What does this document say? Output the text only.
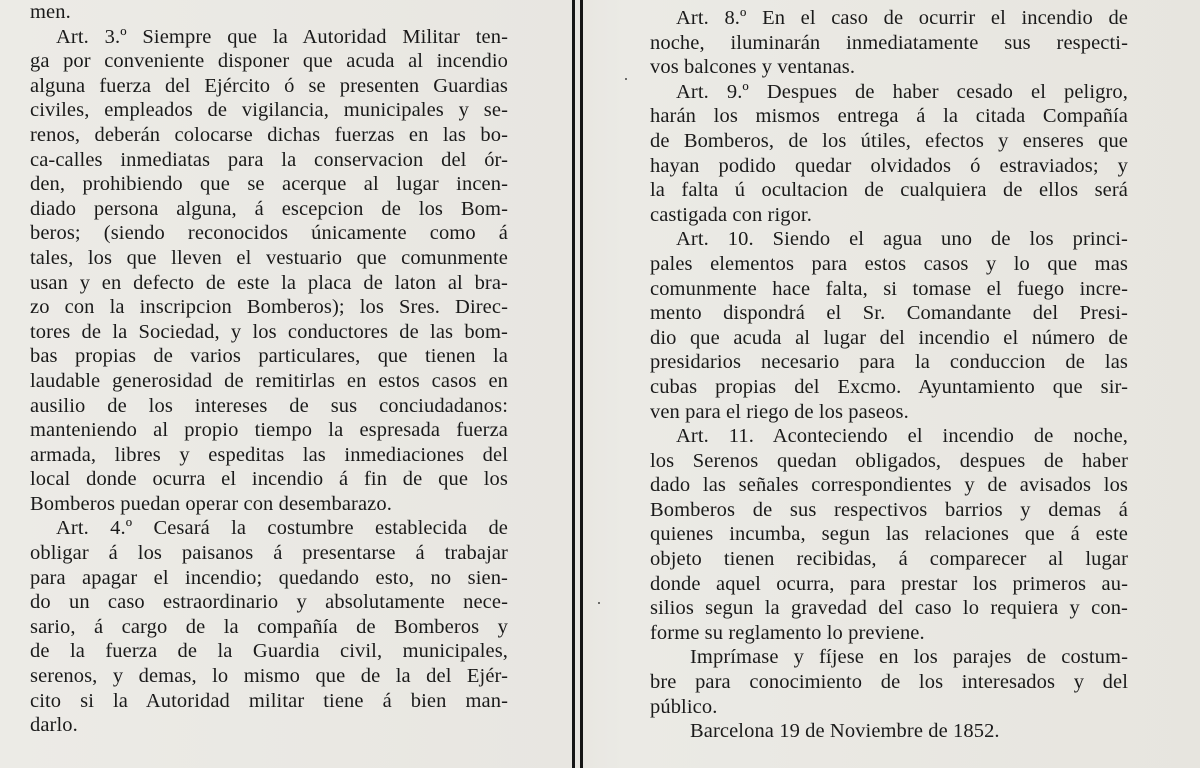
men.
Art. 3.º Siempre que la Autoridad Militar ten-
ga por conveniente disponer que acuda al incendio
alguna fuerza del Ejército ó se presenten Guardias
civiles, empleados de vigilancia, municipales y se-
renos, deberán colocarse dichas fuerzas en las bo-
ca-calles inmediatas para la conservacion del ór-
den, prohibiendo que se acerque al lugar incen-
diado persona alguna, á escepcion de los Bom-
beros; (siendo reconocidos únicamente como á
tales, los que lleven el vestuario que comunmente
usan y en defecto de este la placa de laton al bra-
zo con la inscripcion Bomberos); los Sres. Direc-
tores de la Sociedad, y los conductores de las bom-
bas propias de varios particulares, que tienen la
laudable generosidad de remitirlas en estos casos en
ausilio de los intereses de sus conciudadanos:
manteniendo al propio tiempo la espresada fuerza
armada, libres y espeditas las inmediaciones del
local donde ocurra el incendio á fin de que los
Bomberos puedan operar con desembarazo.
Art. 4.º Cesará la costumbre establecida de
obligar á los paisanos á presentarse á trabajar
para apagar el incendio; quedando esto, no sien-
do un caso estraordinario y absolutamente nece-
sario, á cargo de la compañía de Bomberos y
de la fuerza de la Guardia civil, municipales,
serenos, y demas, lo mismo que de la del Ejér-
cito si la Autoridad militar tiene á bien man-
darlo.
Art. 8.º En el caso de ocurrir el incendio de
noche, iluminarán inmediatamente sus respecti-
vos balcones y ventanas.
Art. 9.º Despues de haber cesado el peligro,
harán los mismos entrega á la citada Compañía
de Bomberos, de los útiles, efectos y enseres que
hayan podido quedar olvidados ó estraviados; y
la falta ú ocultacion de cualquiera de ellos será
castigada con rigor.
Art. 10. Siendo el agua uno de los princi-
pales elementos para estos casos y lo que mas
comunmente hace falta, si tomase el fuego incre-
mento dispondrá el Sr. Comandante del Presi-
dio que acuda al lugar del incendio el número de
presidarios necesario para la conduccion de las
cubas propias del Excmo. Ayuntamiento que sir-
ven para el riego de los paseos.
Art. 11. Aconteciendo el incendio de noche,
los Serenos quedan obligados, despues de haber
dado las señales correspondientes y de avisados los
Bomberos de sus respectivos barrios y demas á
quienes incumba, segun las relaciones que á este
objeto tienen recibidas, á comparecer al lugar
donde aquel ocurra, para prestar los primeros au-
silios segun la gravedad del caso lo requiera y con-
forme su reglamento lo previene.
Imprímase y fíjese en los parajes de costum-
bre para conocimiento de los interesados y del
público.
Barcelona 19 de Noviembre de 1852.
